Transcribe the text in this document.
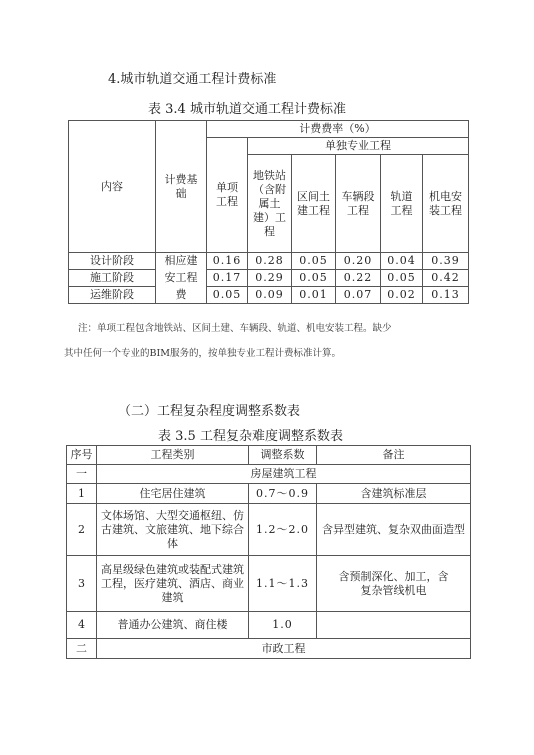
4.城市轨道交通工程计费标准
表 3.4 城市轨道交通工程计费标准
内容	计费基础	计费费率（%）					
		单项工程	单独专业工程				
			地铁站（含附属土建）工程	区间土建工程	车辆段工程	轨道工程	机电安装工程
设计阶段	相应建	0.16	0.28	0.05	0.20	0.04	0.39
施工阶段	安工程	0.17	0.29	0.05	0.22	0.05	0.42
运维阶段	费	0.05	0.09	0.01	0.07	0.02	0.13
注：单项工程包含地铁站、区间土建、车辆段、轨道、机电安装工程。缺少
其中任何一个专业的BIM服务的，按单独专业工程计费标准计算。
（二）工程复杂程度调整系数表
表 3.5 工程复杂难度调整系数表
序号	工程类别	调整系数	备注
一	房屋建筑工程		
1	住宅居住建筑	0.7～0.9	含建筑标准层
2	文体场馆、大型交通枢纽、仿古建筑、文旅建筑、地下综合体	1.2～2.0	含异型建筑、复杂双曲面造型
3	高星级绿色建筑或装配式建筑工程，医疗建筑、酒店、商业建筑	1.1～1.3	含预制深化、加工，含复杂管线机电
4	普通办公建筑、商住楼	1.0	
二	市政工程		
